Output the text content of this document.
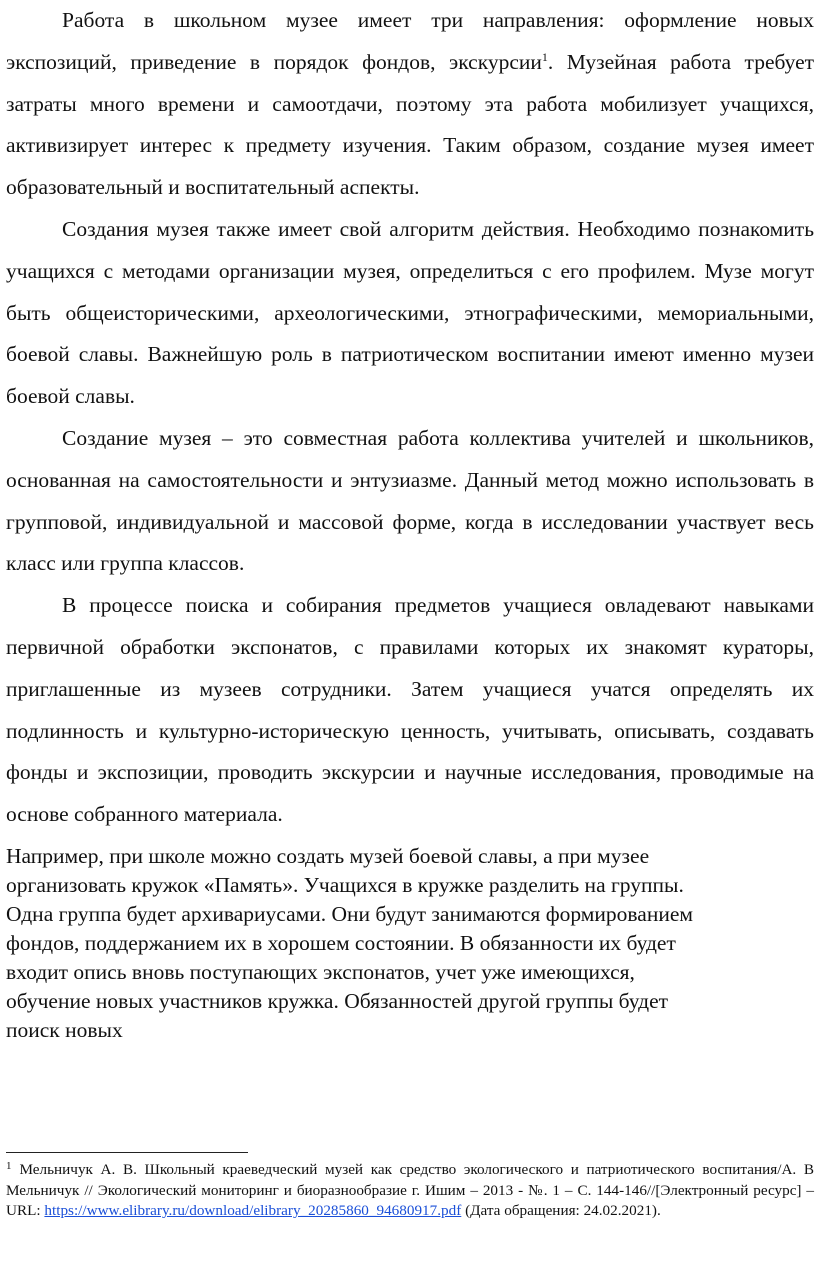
Работа в школьном музее имеет три направления: оформление новых экспозиций, приведение в порядок фондов, экскурсии$^1$. Музейная работа требует затраты много времени и самоотдачи, поэтому эта работа мобилизует учащихся, активизирует интерес к предмету изучения. Таким образом, создание музея имеет образовательный и воспитательный аспекты.

Создания музея также имеет свой алгоритм действия. Необходимо познакомить учащихся с методами организации музея, определиться с его профилем. Музе могут быть общеисторическими, археологическими, этнографическими, мемориальными, боевой славы. Важнейшую роль в патриотическом воспитании имеют именно музеи боевой славы.

Создание музея – это совместная работа коллектива учителей и школьников, основанная на самостоятельности и энтузиазме. Данный метод можно использовать в групповой, индивидуальной и массовой форме, когда в исследовании участвует весь класс или группа классов.

В процессе поиска и собирания предметов учащиеся овладевают навыками первичной обработки экспонатов, с правилами которых их знакомят кураторы, приглашенные из музеев сотрудники. Затем учащиеся учатся определять их подлинность и культурно-историческую ценность, учитывать, описывать, создавать фонды и экспозиции, проводить экскурсии и научные исследования, проводимые на основе собранного материала.

Например, при школе можно создать музей боевой славы, а при музее
организовать кружок «Память». Учащихся в кружке разделить на группы.
Одна группа будет архивариусами. Они будут занимаются формированием
фондов, поддержанием их в хорошем состоянии. В обязанности их будет
входит опись вновь поступающих экспонатов, учет уже имеющихся,
обучение новых участников кружка. Обязанностей другой группы будет
поиск новых
$^1$ Мельничук А. В. Школьный краеведческий музей как средство экологического и патриотического воспитания/А. В Мельничук // Экологический мониторинг и биоразнообразие г. Ишим – 2013 - №. 1 – С. 144-146//[Электронный ресурс] – URL: https://www.elibrary.ru/download/elibrary_20285860_94680917.pdf (Дата обращения: 24.02.2021).
